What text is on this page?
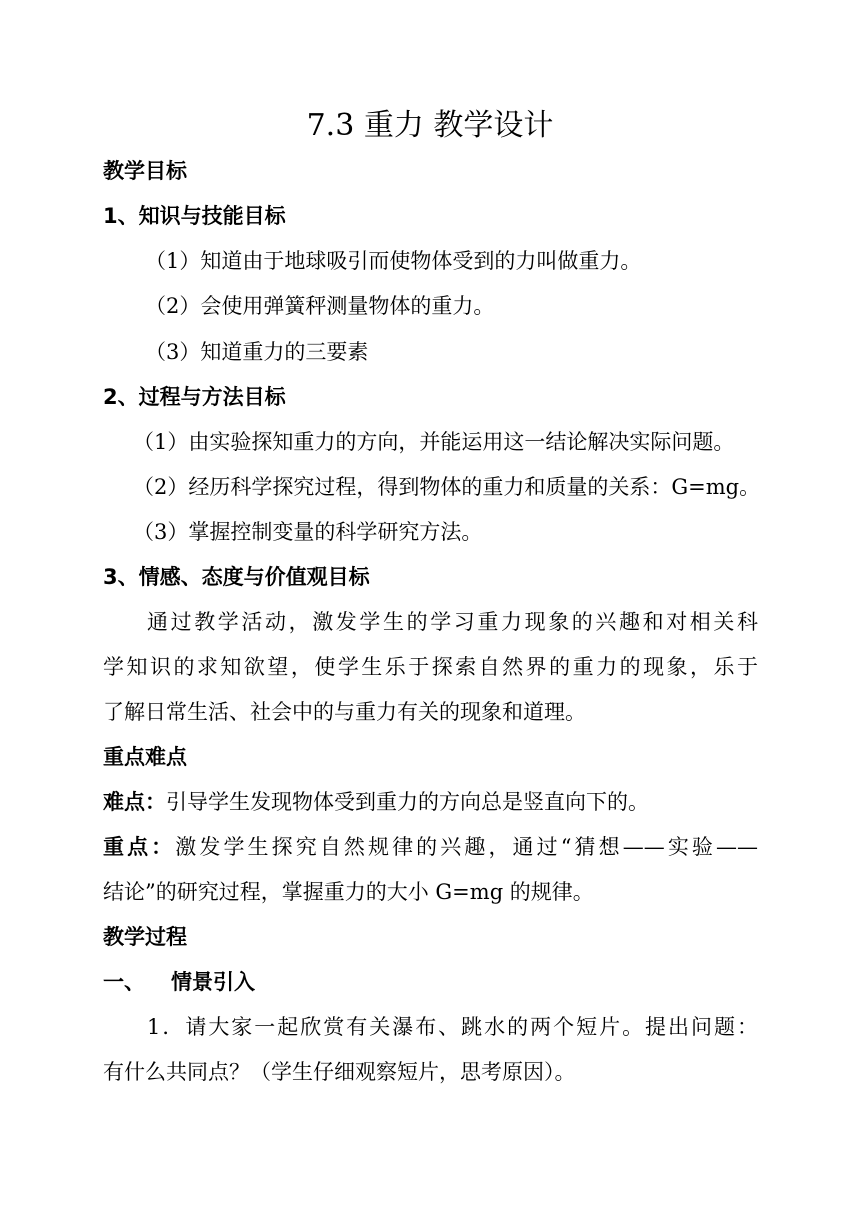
7.3 重力 教学设计
教学目标
1、知识与技能目标
（1）知道由于地球吸引而使物体受到的力叫做重力。
（2）会使用弹簧秤测量物体的重力。
（3）知道重力的三要素
2、过程与方法目标
（1）由实验探知重力的方向，并能运用这一结论解决实际问题。
（2）经历科学探究过程，得到物体的重力和质量的关系：G=mg。
（3）掌握控制变量的科学研究方法。
3、情感、态度与价值观目标
通过教学活动，激发学生的学习重力现象的兴趣和对相关科
学知识的求知欲望，使学生乐于探索自然界的重力的现象，乐于
了解日常生活、社会中的与重力有关的现象和道理。
重点难点
难点：引导学生发现物体受到重力的方向总是竖直向下的。
重点：激发学生探究自然规律的兴趣，通过“猜想——实验——
结论”的研究过程，掌握重力的大小 G=mg 的规律。
教学过程
一、 情景引入
1．请大家一起欣赏有关瀑布、跳水的两个短片。提出问题：
有什么共同点？（学生仔细观察短片，思考原因）。
